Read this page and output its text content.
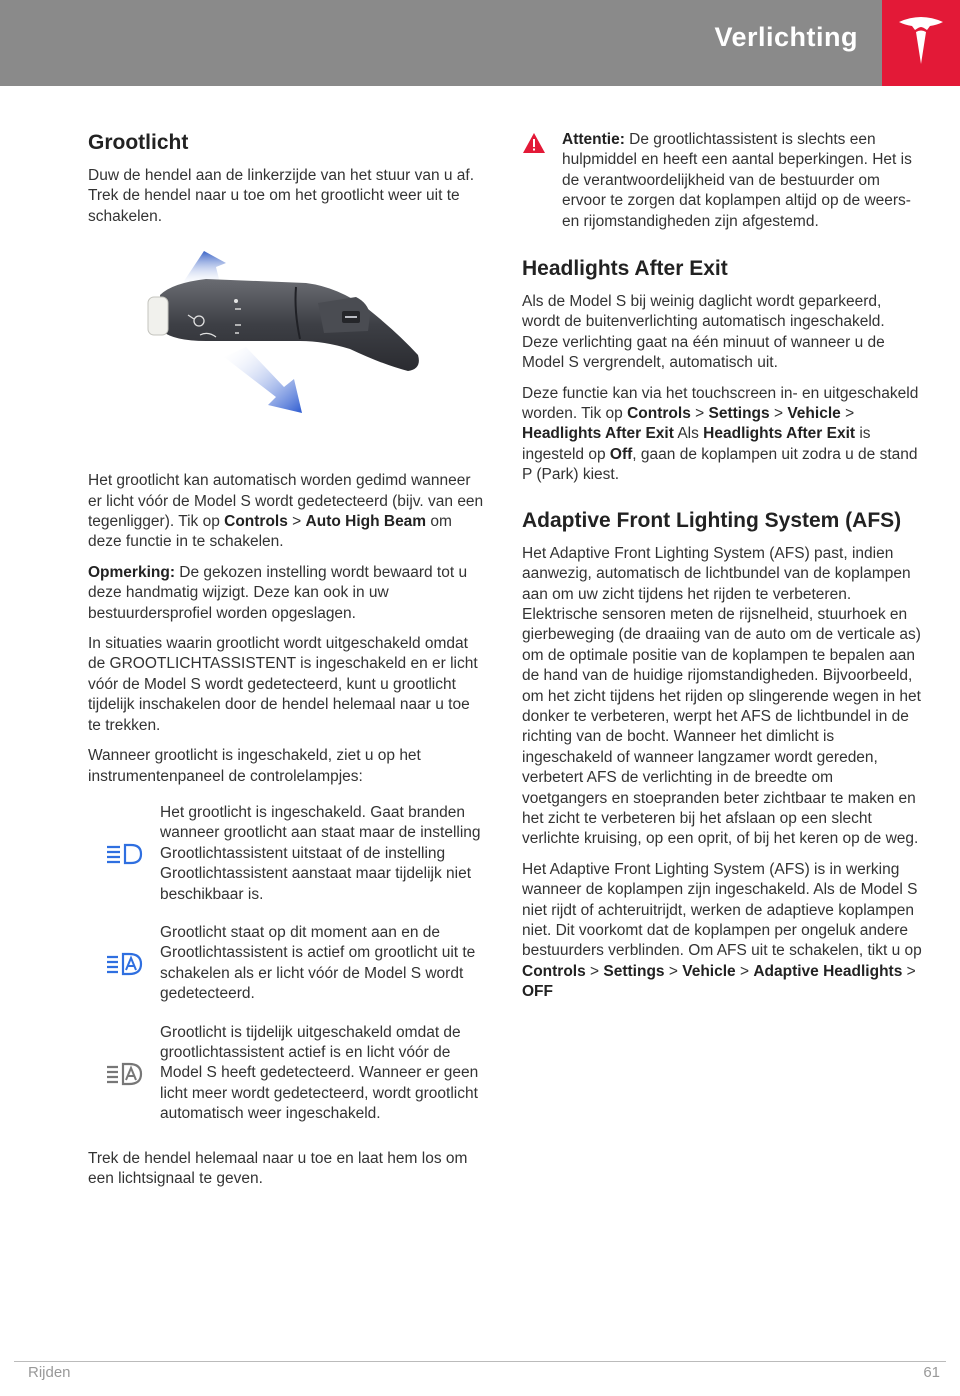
Verlichting
Grootlicht

Duw de hendel aan de linkerzijde van het stuur van u af. Trek de hendel naar u toe om het grootlicht weer uit te schakelen.

Het grootlicht kan automatisch worden gedimd wanneer er licht vóór de Model S wordt gedetecteerd (bijv. van een tegenligger). Tik op Controls > Auto High Beam om deze functie in te schakelen.

Opmerking: De gekozen instelling wordt bewaard tot u deze handmatig wijzigt. Deze kan ook in uw bestuurdersprofiel worden opgeslagen.

In situaties waarin grootlicht wordt uitgeschakeld omdat de GROOTLICHTASSISTENT is ingeschakeld en er licht vóór de Model S wordt gedetecteerd, kunt u grootlicht tijdelijk inschakelen door de hendel helemaal naar u toe te trekken.

Wanneer grootlicht is ingeschakeld, ziet u op het instrumentenpaneel de controlelampjes:

Het grootlicht is ingeschakeld. Gaat branden wanneer grootlicht aan staat maar de instelling Grootlichtassistent uitstaat of de instelling Grootlichtassistent aanstaat maar tijdelijk niet beschikbaar is.
Grootlicht staat op dit moment aan en de Grootlichtassistent is actief om grootlicht uit te schakelen als er licht vóór de Model S wordt gedetecteerd.
Grootlicht is tijdelijk uitgeschakeld omdat de grootlichtassistent actief is en licht vóór de Model S heeft gedetecteerd. Wanneer er geen licht meer wordt gedetecteerd, wordt grootlicht automatisch weer ingeschakeld.

Trek de hendel helemaal naar u toe en laat hem los om een lichtsignaal te geven.

Attentie: De grootlichtassistent is slechts een hulpmiddel en heeft een aantal beperkingen. Het is de verantwoordelijkheid van de bestuurder om ervoor te zorgen dat koplampen altijd op de weers- en rijomstandigheden zijn afgestemd.
Headlights After Exit

Als de Model S bij weinig daglicht wordt geparkeerd, wordt de buitenverlichting automatisch ingeschakeld. Deze verlichting gaat na één minuut of wanneer u de Model S vergrendelt, automatisch uit.

Deze functie kan via het touchscreen in- en uitgeschakeld worden. Tik op Controls > Settings > Vehicle > Headlights After Exit Als Headlights After Exit is ingesteld op Off, gaan de koplampen uit zodra u de stand P (Park) kiest.

Adaptive Front Lighting System (AFS)

Het Adaptive Front Lighting System (AFS) past, indien aanwezig, automatisch de lichtbundel van de koplampen aan om uw zicht tijdens het rijden te verbeteren. Elektrische sensoren meten de rijsnelheid, stuurhoek en gierbeweging (de draaiing van de auto om de verticale as) om de optimale positie van de koplampen te bepalen aan de hand van de huidige rijomstandigheden. Bijvoorbeeld, om het zicht tijdens het rijden op slingerende wegen in het donker te verbeteren, werpt het AFS de lichtbundel in de richting van de bocht. Wanneer het dimlicht is ingeschakeld of wanneer langzamer wordt gereden, verbetert AFS de verlichting in de breedte om voetgangers en stoepranden beter zichtbaar te maken en het zicht te verbeteren bij het afslaan op een slecht verlichte kruising, op een oprit, of bij het keren op de weg.

Het Adaptive Front Lighting System (AFS) is in werking wanneer de koplampen zijn ingeschakeld. Als de Model S niet rijdt of achteruitrijdt, werken de adaptieve koplampen niet. Dit voorkomt dat de koplampen per ongeluk andere bestuurders verblinden. Om AFS uit te schakelen, tikt u op Controls > Settings > Vehicle > Adaptive Headlights > OFF

Rijden	61
